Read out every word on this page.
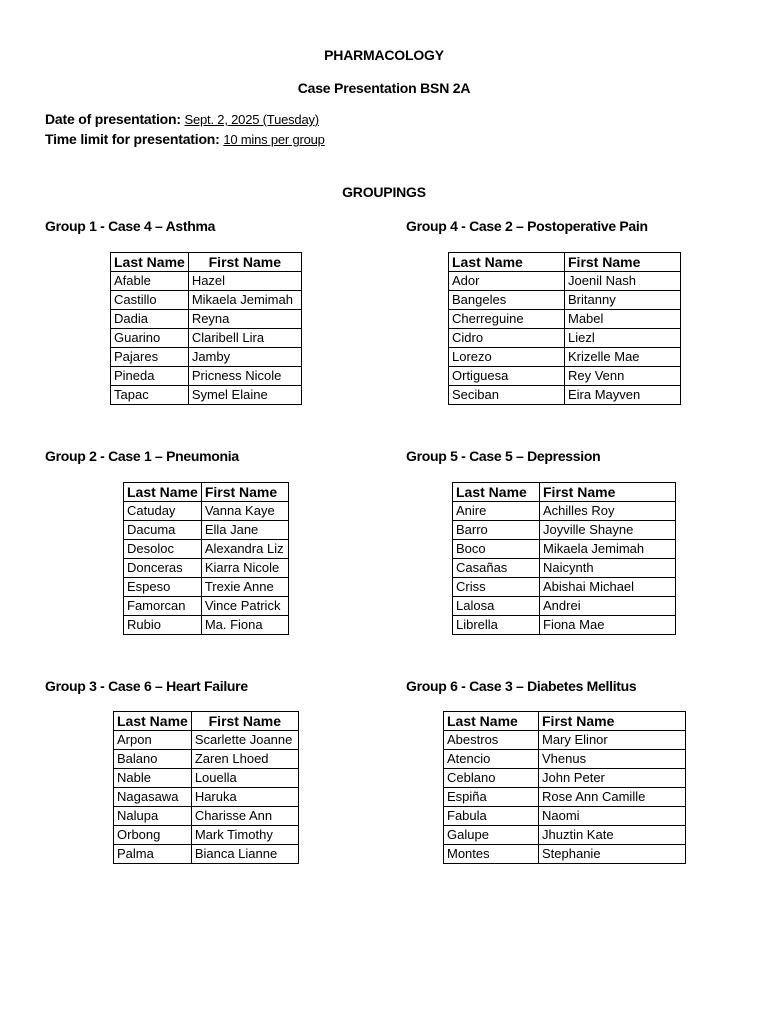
PHARMACOLOGY
Case Presentation BSN 2A
Date of presentation: Sept. 2, 2025 (Tuesday)
Time limit for presentation: 10 mins per group
GROUPINGS
Group 1 - Case 4 – Asthma
Last Name	First Name
Afable	Hazel
Castillo	Mikaela Jemimah
Dadia	Reyna
Guarino	Claribell Lira
Pajares	Jamby
Pineda	Pricness Nicole
Tapac	Symel Elaine
Group 2 - Case 1 – Pneumonia
Last Name	First Name
Catuday	Vanna Kaye
Dacuma	Ella Jane
Desoloc	Alexandra Liz
Donceras	Kiarra Nicole
Espeso	Trexie Anne
Famorcan	Vince Patrick
Rubio	Ma. Fiona
Group 3 - Case 6 – Heart Failure
Last Name	First Name
Arpon	Scarlette Joanne
Balano	Zaren Lhoed
Nable	Louella
Nagasawa	Haruka
Nalupa	Charisse Ann
Orbong	Mark Timothy
Palma	Bianca Lianne
Group 4 - Case 2 – Postoperative Pain
Last Name	First Name
Ador	Joenil Nash
Bangeles	Britanny
Cherreguine	Mabel
Cidro	Liezl
Lorezo	Krizelle Mae
Ortiguesa	Rey Venn
Seciban	Eira Mayven
Group 5 - Case 5 – Depression
Last Name	First Name
Anire	Achilles Roy
Barro	Joyville Shayne
Boco	Mikaela Jemimah
Casañas	Naicynth
Criss	Abishai Michael
Lalosa	Andrei
Librella	Fiona Mae
Group 6 - Case 3 – Diabetes Mellitus
Last Name	First Name
Abestros	Mary Elinor
Atencio	Vhenus
Ceblano	John Peter
Espiña	Rose Ann Camille
Fabula	Naomi
Galupe	Jhuztin Kate
Montes	Stephanie
